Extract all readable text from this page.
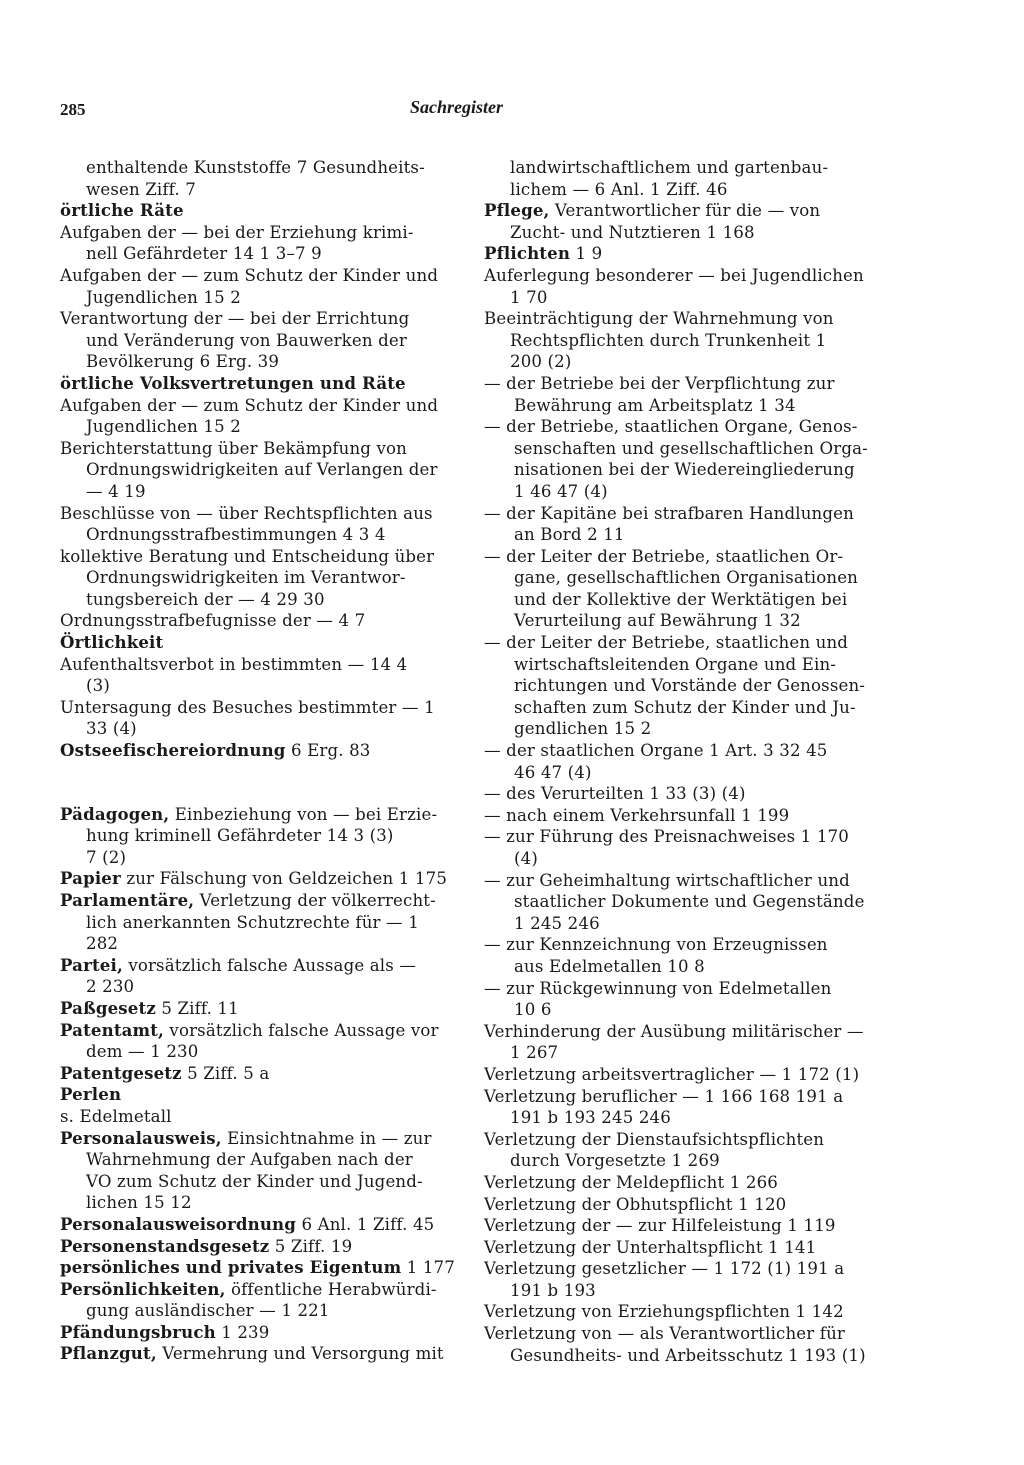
285	Sachregister
enthaltende Kunststoffe 7 Gesundheits-
wesen Ziff. 7
örtliche Räte
Aufgaben der — bei der Erziehung krimi-
nell Gefährdeter 14 1 3–7 9
Aufgaben der — zum Schutz der Kinder und
Jugendlichen 15 2
Verantwortung der — bei der Errichtung
und Veränderung von Bauwerken der
Bevölkerung 6 Erg. 39
örtliche Volksvertretungen und Räte
Aufgaben der — zum Schutz der Kinder und
Jugendlichen 15 2
Berichterstattung über Bekämpfung von
Ordnungswidrigkeiten auf Verlangen der
— 4 19
Beschlüsse von — über Rechtspflichten aus
Ordnungsstrafbestimmungen 4 3 4
kollektive Beratung und Entscheidung über
Ordnungswidrigkeiten im Verantwor-
tungsbereich der — 4 29 30
Ordnungsstrafbefugnisse der — 4 7
Örtlichkeit
Aufenthaltsverbot in bestimmten — 14 4
(3)
Untersagung des Besuches bestimmter — 1
33 (4)
Ostseefischereiordnung 6 Erg. 83
Pädagogen, Einbeziehung von — bei Erzie-
hung kriminell Gefährdeter 14 3 (3)
7 (2)
Papier zur Fälschung von Geldzeichen 1 175
Parlamentäre, Verletzung der völkerrecht-
lich anerkannten Schutzrechte für — 1
282
Partei, vorsätzlich falsche Aussage als —
2 230
Paßgesetz 5 Ziff. 11
Patentamt, vorsätzlich falsche Aussage vor
dem — 1 230
Patentgesetz 5 Ziff. 5 a
Perlen
s. Edelmetall
Personalausweis, Einsichtnahme in — zur
Wahrnehmung der Aufgaben nach der
VO zum Schutz der Kinder und Jugend-
lichen 15 12
Personalausweisordnung 6 Anl. 1 Ziff. 45
Personenstandsgesetz 5 Ziff. 19
persönliches und privates Eigentum 1 177
Persönlichkeiten, öffentliche Herabwürdi-
gung ausländischer — 1 221
Pfändungsbruch 1 239
Pflanzgut, Vermehrung und Versorgung mit
landwirtschaftlichem und gartenbau-
lichem — 6 Anl. 1 Ziff. 46
Pflege, Verantwortlicher für die — von
Zucht- und Nutztieren 1 168
Pflichten 1 9
Auferlegung besonderer — bei Jugendlichen
1 70
Beeinträchtigung der Wahrnehmung von
Rechtspflichten durch Trunkenheit 1
200 (2)
— der Betriebe bei der Verpflichtung zur
Bewährung am Arbeitsplatz 1 34
— der Betriebe, staatlichen Organe, Genos-
senschaften und gesellschaftlichen Orga-
nisationen bei der Wiedereingliederung
1 46 47 (4)
— der Kapitäne bei strafbaren Handlungen
an Bord 2 11
— der Leiter der Betriebe, staatlichen Or-
gane, gesellschaftlichen Organisationen
und der Kollektive der Werktätigen bei
Verurteilung auf Bewährung 1 32
— der Leiter der Betriebe, staatlichen und
wirtschaftsleitenden Organe und Ein-
richtungen und Vorstände der Genossen-
schaften zum Schutz der Kinder und Ju-
gendlichen 15 2
— der staatlichen Organe 1 Art. 3 32 45
46 47 (4)
— des Verurteilten 1 33 (3) (4)
— nach einem Verkehrsunfall 1 199
— zur Führung des Preisnachweises 1 170
(4)
— zur Geheimhaltung wirtschaftlicher und
staatlicher Dokumente und Gegenstände
1 245 246
— zur Kennzeichnung von Erzeugnissen
aus Edelmetallen 10 8
— zur Rückgewinnung von Edelmetallen
10 6
Verhinderung der Ausübung militärischer —
1 267
Verletzung arbeitsvertraglicher — 1 172 (1)
Verletzung beruflicher — 1 166 168 191 a
191 b 193 245 246
Verletzung der Dienstaufsichtspflichten
durch Vorgesetzte 1 269
Verletzung der Meldepflicht 1 266
Verletzung der Obhutspflicht 1 120
Verletzung der — zur Hilfeleistung 1 119
Verletzung der Unterhaltspflicht 1 141
Verletzung gesetzlicher — 1 172 (1) 191 a
191 b 193
Verletzung von Erziehungspflichten 1 142
Verletzung von — als Verantwortlicher für
Gesundheits- und Arbeitsschutz 1 193 (1)
